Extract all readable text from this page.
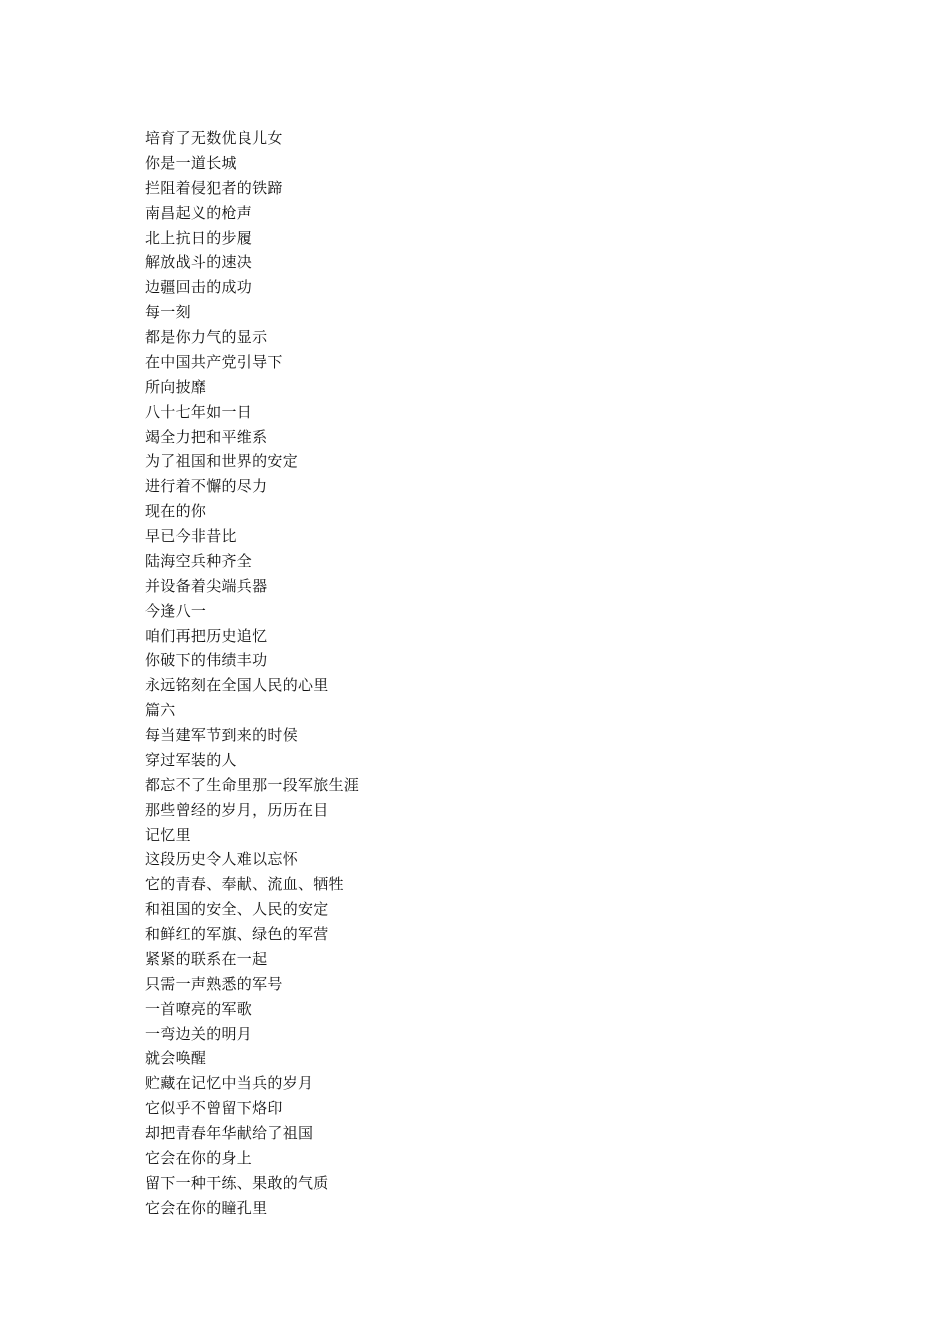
培育了无数优良儿女
你是一道长城
拦阻着侵犯者的铁蹄
南昌起义的枪声
北上抗日的步履
解放战斗的速决
边疆回击的成功
每一刻
都是你力气的显示
在中国共产党引导下
所向披靡
八十七年如一日
竭全力把和平维系
为了祖国和世界的安定
进行着不懈的尽力
现在的你
早已今非昔比
陆海空兵种齐全
并设备着尖端兵器
今逢八一
咱们再把历史追忆
你破下的伟绩丰功
永远铭刻在全国人民的心里
篇六
每当建军节到来的时侯
穿过军装的人
都忘不了生命里那一段军旅生涯
那些曾经的岁月，历历在目
记忆里
这段历史令人难以忘怀
它的青春、奉献、流血、牺牲
和祖国的安全、人民的安定
和鲜红的军旗、绿色的军营
紧紧的联系在一起
只需一声熟悉的军号
一首嘹亮的军歌
一弯边关的明月
就会唤醒
贮藏在记忆中当兵的岁月
它似乎不曾留下烙印
却把青春年华献给了祖国
它会在你的身上
留下一种干练、果敢的气质
它会在你的瞳孔里
